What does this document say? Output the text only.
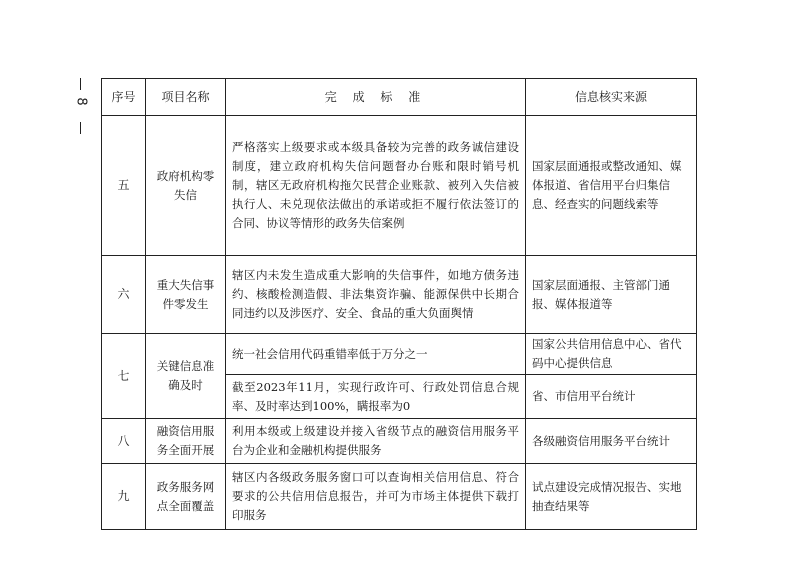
8 序号	项目名称	完 成 标 准	信息核实来源
五	政府机构零失信	严格落实上级要求或本级具备较为完善的政务诚信建设制度，建立政府机构失信问题督办台账和限时销号机制，辖区无政府机构拖欠民营企业账款、被列入失信被执行人、未兑现依法做出的承诺或拒不履行依法签订的合同、协议等情形的政务失信案例	国家层面通报或整改通知、媒体报道、省信用平台归集信息、经查实的问题线索等
六	重大失信事件零发生	辖区内未发生造成重大影响的失信事件，如地方债务违约、核酸检测造假、非法集资诈骗、能源保供中长期合同违约以及涉医疗、安全、食品的重大负面舆情	国家层面通报、主管部门通报、媒体报道等
七	关键信息准确及时	统一社会信用代码重错率低于万分之一	国家公共信用信息中心、省代码中心提供信息
		截至2023年11月，实现行政许可、行政处罚信息合规率、及时率达到100%，瞒报率为0	省、市信用平台统计
八	融资信用服务全面开展	利用本级或上级建设并接入省级节点的融资信用服务平台为企业和金融机构提供服务	各级融资信用服务平台统计
九	政务服务网点全面覆盖	辖区内各级政务服务窗口可以查询相关信用信息、符合要求的公共信用信息报告，并可为市场主体提供下载打印服务	试点建设完成情况报告、实地抽查结果等
